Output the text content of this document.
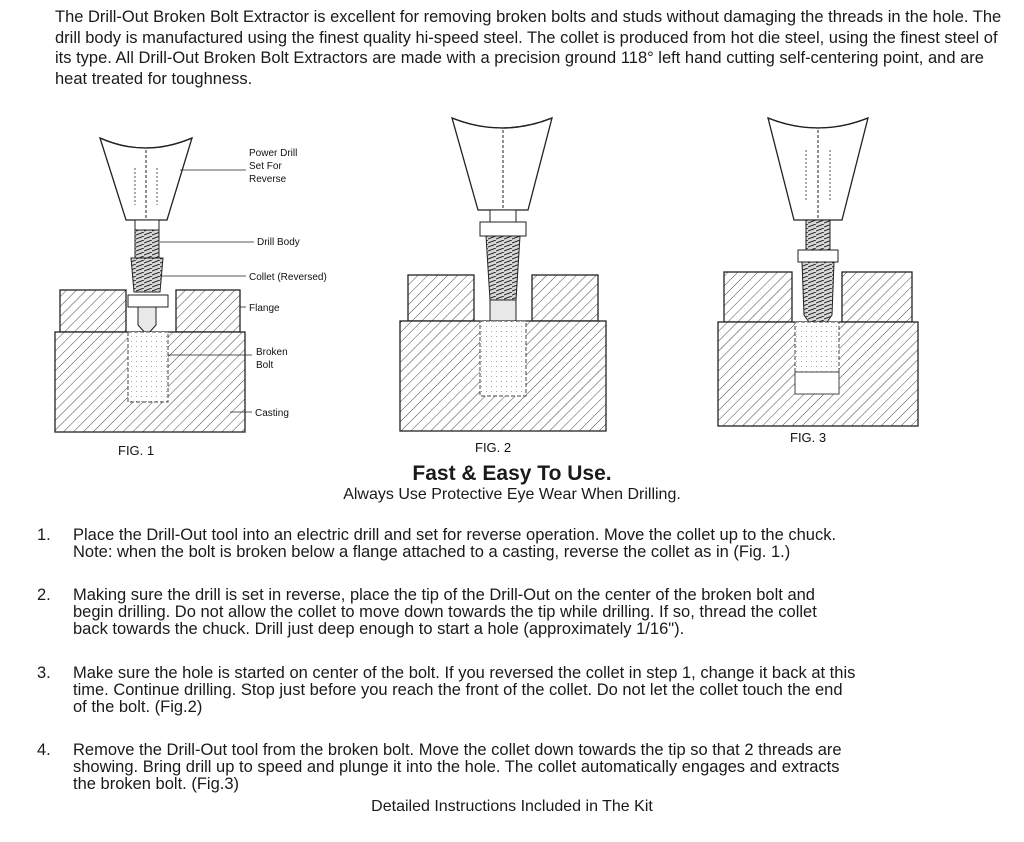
The Drill-Out Broken Bolt Extractor is excellent for removing broken bolts and studs without damaging the threads in the hole. The drill body is manufactured using the finest quality hi-speed steel. The collet is produced from hot die steel, using the finest steel of its type. All Drill-Out Broken Bolt Extractors are made with a precision ground 118° left hand cutting self-centering point, and are heat treated for toughness.

Power Drill
Set For
Reverse
Drill Body
Collet (Reversed)
Flange
Broken
Bolt
Casting
FIG. 1	FIG. 2
FIG. 3

Fast & Easy To Use.

Always Use Protective Eye Wear When Drilling.

1. Place the Drill-Out tool into an electric drill and set for reverse operation. Move the collet up to the chuck.
Note: when the bolt is broken below a flange attached to a casting, reverse the collet as in (Fig. 1.)
2. Making sure the drill is set in reverse, place the tip of the Drill-Out on the center of the broken bolt and
begin drilling. Do not allow the collet to move down towards the tip while drilling. If so, thread the collet
back towards the chuck. Drill just deep enough to start a hole (approximately 1/16").
3. Make sure the hole is started on center of the bolt. If you reversed the collet in step 1, change it back at this
time. Continue drilling. Stop just before you reach the front of the collet. Do not let the collet touch the end
of the bolt. (Fig.2)
4. Remove the Drill-Out tool from the broken bolt. Move the collet down towards the tip so that 2 threads are
showing. Bring drill up to speed and plunge it into the hole. The collet automatically engages and extracts
the broken bolt. (Fig.3)

Detailed Instructions Included in The Kit
